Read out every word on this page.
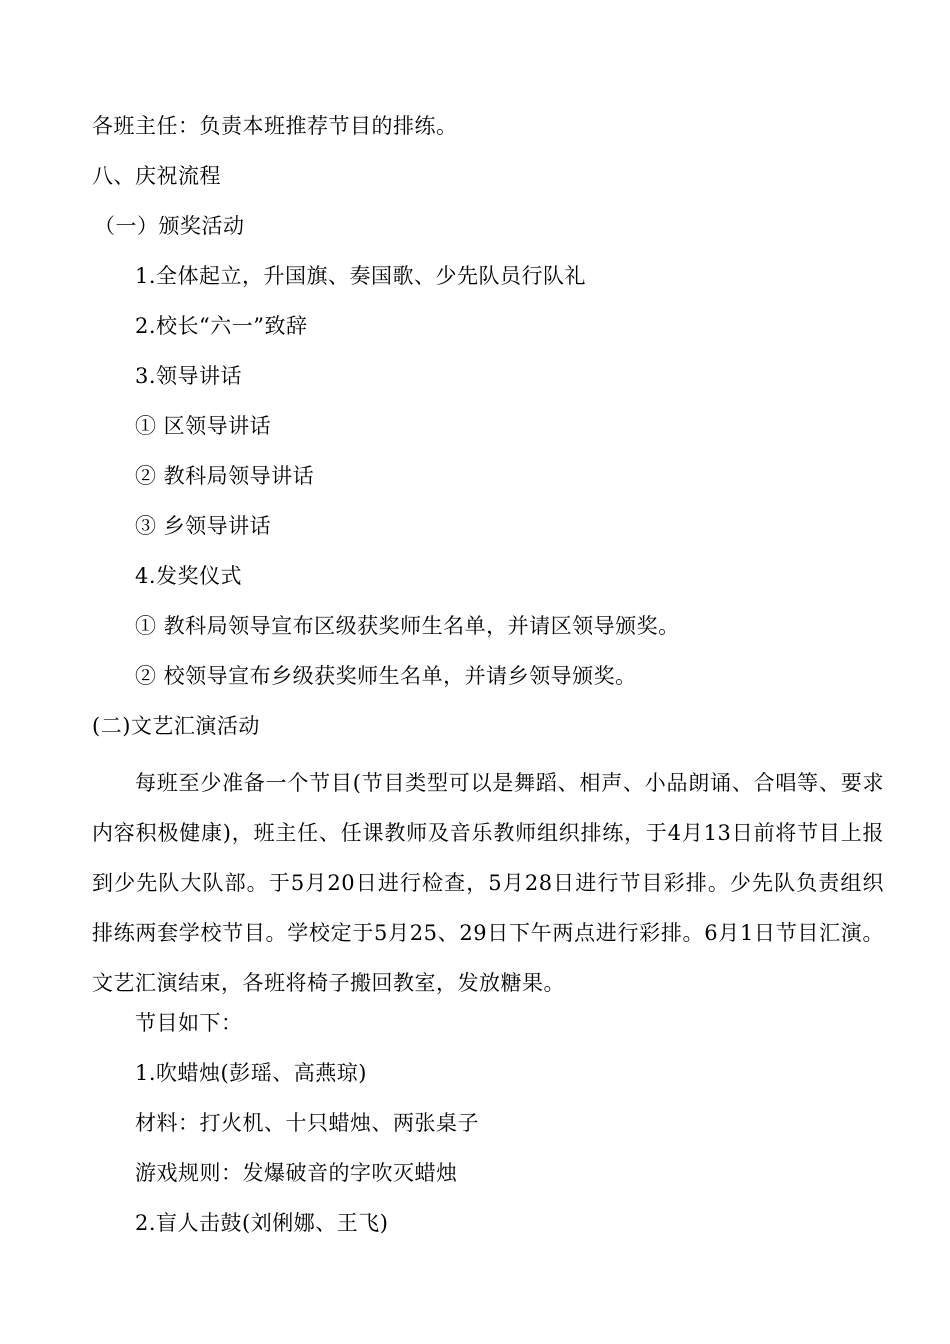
各班主任：负责本班推荐节目的排练。
八、庆祝流程
（一）颁奖活动
1.全体起立，升国旗、奏国歌、少先队员行队礼
2.校长“六一”致辞
3.领导讲话
① 区领导讲话
② 教科局领导讲话
③ 乡领导讲话
4.发奖仪式
① 教科局领导宣布区级获奖师生名单，并请区领导颁奖。
② 校领导宣布乡级获奖师生名单，并请乡领导颁奖。
(二)文艺汇演活动
每班至少准备一个节目(节目类型可以是舞蹈、相声、小品朗诵、合唱等、要求内容积极健康)，班主任、任课教师及音乐教师组织排练，于4月13日前将节目上报到少先队大队部。于5月20日进行检查，5月28日进行节目彩排。少先队负责组织排练两套学校节目。学校定于5月25、29日下午两点进行彩排。6月1日节目汇演。文艺汇演结束，各班将椅子搬回教室，发放糖果。
节目如下：
1.吹蜡烛(彭瑶、高燕琼)
材料：打火机、十只蜡烛、两张桌子
游戏规则：发爆破音的字吹灭蜡烛
2.盲人击鼓(刘俐娜、王飞)
